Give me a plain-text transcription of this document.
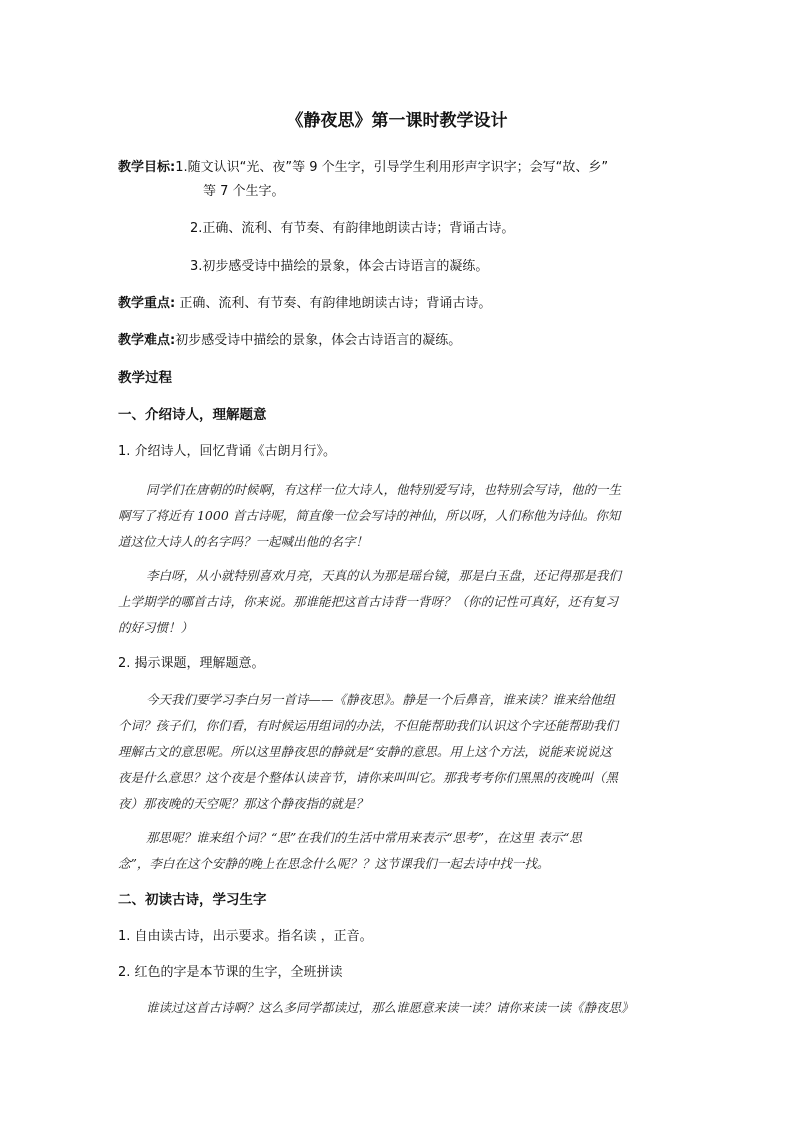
《静夜思》第一课时教学设计
教学目标:1.随文认识“光、夜”等 9 个生字，引导学生利用形声字识字；会写“故、乡”
等 7 个生字。
2.正确、流利、有节奏、有韵律地朗读古诗；背诵古诗。
3.初步感受诗中描绘的景象，体会古诗语言的凝练。
教学重点: 正确、流利、有节奏、有韵律地朗读古诗；背诵古诗。
教学难点:初步感受诗中描绘的景象，体会古诗语言的凝练。
教学过程
一、介绍诗人，理解题意
1. 介绍诗人，回忆背诵《古朗月行》。
同学们在唐朝的时候啊，有这样一位大诗人，他特别爱写诗，也特别会写诗，他的一生
啊写了将近有 1000 首古诗呢，简直像一位会写诗的神仙，所以呀，人们称他为诗仙。你知
道这位大诗人的名字吗？一起喊出他的名字！
李白呀，从小就特别喜欢月亮，天真的认为那是瑶台镜，那是白玉盘，还记得那是我们
上学期学的哪首古诗，你来说。那谁能把这首古诗背一背呀？（你的记性可真好，还有复习
的好习惯！）
2. 揭示课题，理解题意。
今天我们要学习李白另一首诗——《静夜思》。静是一个后鼻音，谁来读？谁来给他组
个词？孩子们，你们看，有时候运用组词的办法，不但能帮助我们认识这个字还能帮助我们
理解古文的意思呢。所以这里静夜思的静就是“安静的意思。用上这个方法，说能来说说这
夜是什么意思？这个夜是个整体认读音节，请你来叫叫它。那我考考你们黑黑的夜晚叫（黑
夜）那夜晚的天空呢？那这个静夜指的就是？
那思呢？谁来组个词？“思”在我们的生活中常用来表示“思考”，在这里 表示“思
念”，李白在这个安静的晚上在思念什么呢？？这节课我们一起去诗中找一找。
二、初读古诗，学习生字
1. 自由读古诗，出示要求。指名读 ，正音。
2. 红色的字是本节课的生字，全班拼读
谁读过这首古诗啊？这么多同学都读过，那么谁愿意来读一读？请你来读一读《静夜思》
